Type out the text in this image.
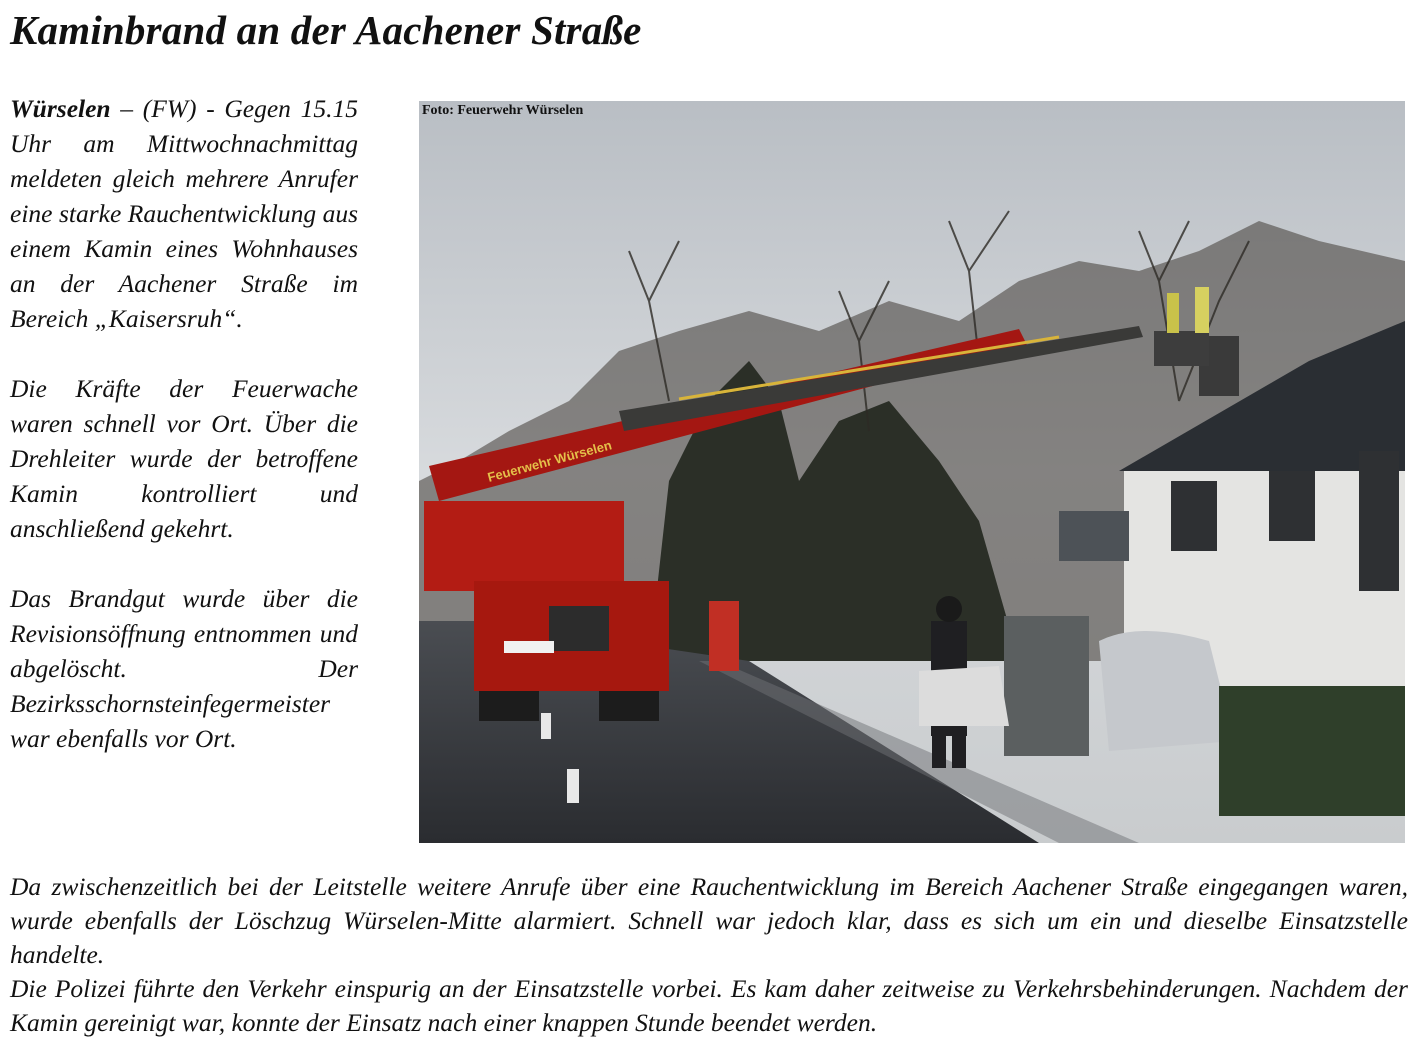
Kaminbrand an der Aachener Straße

Würselen – (FW) - Gegen 15.15 Uhr am Mittwochnachmittag meldeten gleich mehrere Anrufer eine starke Rauchentwicklung aus einem Kamin eines Wohnhauses an der Aachener Straße im Bereich „Kaisersruh“.

Die Kräfte der Feuerwache waren schnell vor Ort. Über die Drehleiter wurde der betroffene Kamin kontrolliert und anschließend gekehrt.

Das Brandgut wurde über die Revisionsöffnung entnommen und abgelöscht. Der Bezirksschornsteinfegermeister war ebenfalls vor Ort.

Feuerwehr Würselen
Foto: Feuerwehr Würselen

Da zwischenzeitlich bei der Leitstelle weitere Anrufe über eine Rauchentwicklung im Bereich Aachener Straße eingegangen waren, wurde ebenfalls der Löschzug Würselen-Mitte alarmiert. Schnell war jedoch klar, dass es sich um ein und dieselbe Einsatzstelle handelte.

Die Polizei führte den Verkehr einspurig an der Einsatzstelle vorbei. Es kam daher zeitweise zu Verkehrsbehinderungen. Nachdem der Kamin gereinigt war, konnte der Einsatz nach einer knappen Stunde beendet werden.
